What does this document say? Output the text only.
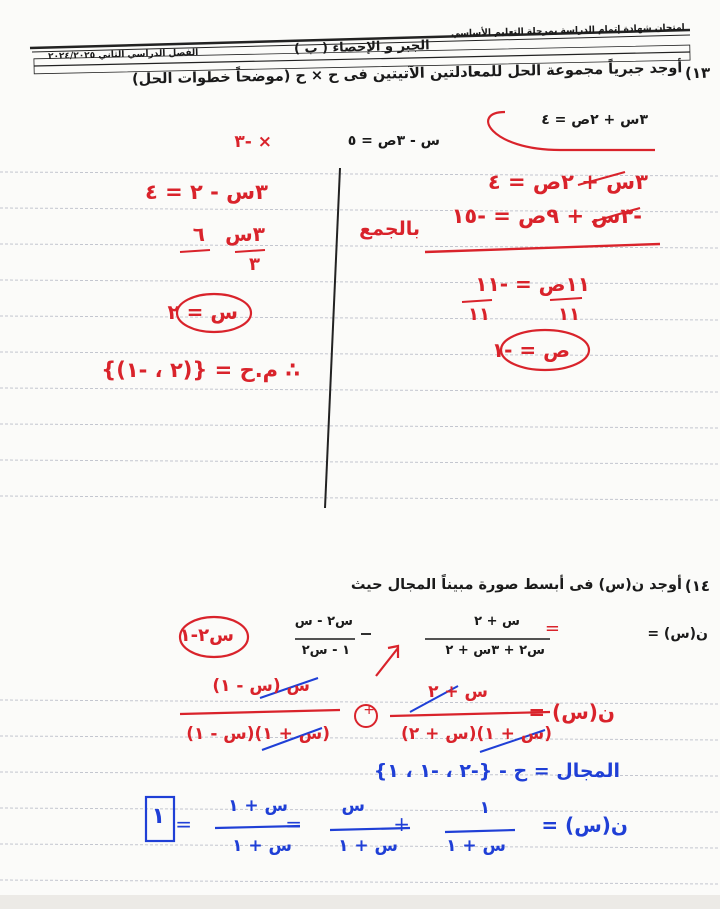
امتحان شهادة إتمام الدراسة بمرحلة التعليم الأساسي
الجبر و الإحصاء ( ب )
الفصل الدراسي الثاني ٢٠٢٤/٢٠٢٥
١٣)
أوجد جبرياً مجموعة الحل للمعادلتين الآتيتين فى ح × ح (موضحاً خطوات الحل)
٣س + ٢ص = ٤
س - ٣ص = ٥
× -٣
٣س + ٢ص = ٤
-٣س + ٩ص = -١٥
بالجمع
١١ص = -١١
١١
١١
ص = -١
٣س - ٢ = ٤
٣س
٦
٣
س = ٢
∴ م.ح = {(٢ ، -١)}
١٤)
أوجد ن(س) فى أبسط صورة مبيناً المجال حيث
ن(س) =
س + ٢
س٢ + ٣س + ٢
س٢ - س
١ - س٢
س٢-١
ن(س) =
س + ٢
(س + ١)(س + ٢)
س (س - ١)
(س + ١)(س - ١)
المجال = ح - {-٢ ، -١ ، ١}
ن(س) =
١
س + ١
س
س + ١
س + ١
س + ١
+
=
=
١
=
+
